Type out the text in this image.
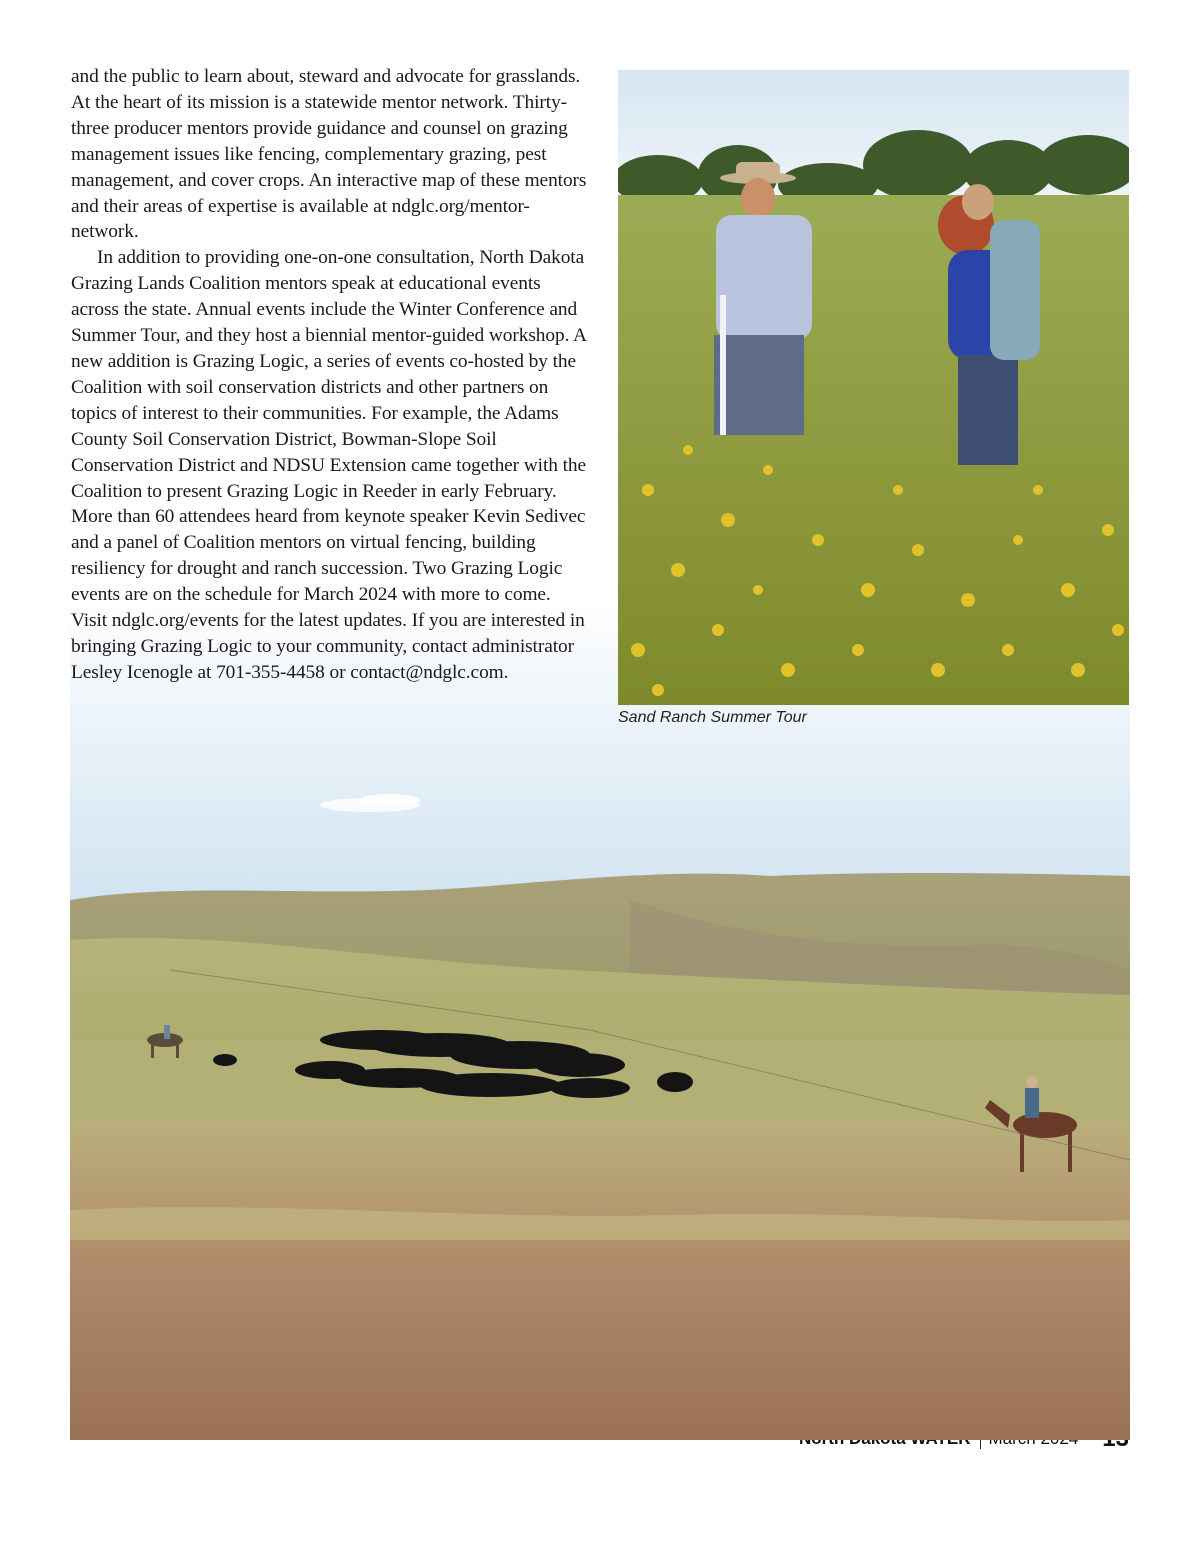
and the public to learn about, steward and advocate for grasslands. At the heart of its mission is a statewide mentor network. Thirty-three producer mentors provide guidance and counsel on grazing management issues like fencing, complementary grazing, pest management, and cover crops. An interactive map of these mentors and their areas of expertise is available at ndglc.org/mentor-network.

In addition to providing one-on-one consultation, North Dakota Grazing Lands Coalition mentors speak at educational events across the state. Annual events include the Winter Conference and Summer Tour, and they host a biennial mentor-guided workshop. A new addition is Grazing Logic, a series of events co-hosted by the Coalition with soil conservation districts and other partners on topics of interest to their communities. For example, the Adams County Soil Conservation District, Bowman-Slope Soil Conservation District and NDSU Extension came together with the Coalition to present Grazing Logic in Reeder in early February. More than 60 attendees heard from keynote speaker Kevin Sedivec and a panel of Coalition mentors on virtual fencing, building resiliency for drought and ranch succession. Two Grazing Logic events are on the schedule for March 2024 with more to come. Visit ndglc.org/events for the latest updates. If you are interested in bringing Grazing Logic to your community, contact administrator Lesley Icenogle at 701-355-4458 or contact@ndglc.com.

Sand Ranch Summer Tour
